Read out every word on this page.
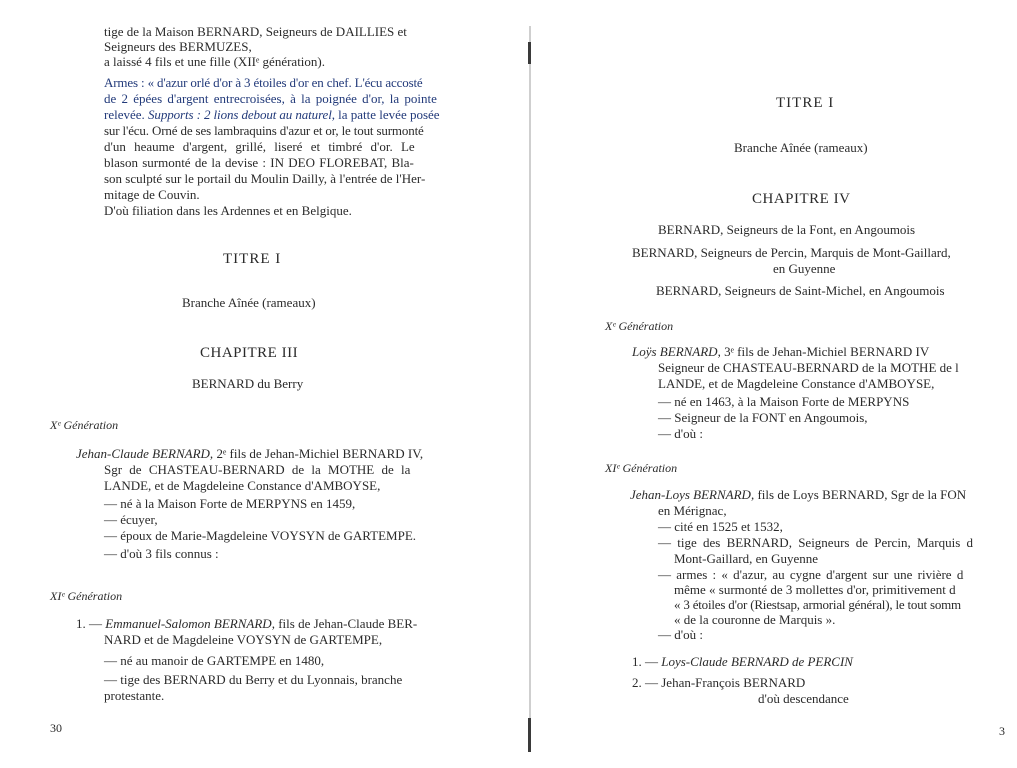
tige de la Maison BERNARD, Seigneurs de DAILLIES et
Seigneurs des BERMUZES,
a laissé 4 fils et une fille (XIIᵉ génération).
Armes : « d'azur orlé d'or à 3 étoiles d'or en chef. L'écu accosté
de 2 épées d'argent entrecroisées, à la poignée d'or, la pointe
relevée. Supports : 2 lions debout au naturel, la patte levée posée
sur l'écu. Orné de ses lambraquins d'azur et or, le tout surmonté
d'un heaume d'argent, grillé, liseré et timbré d'or. Le
blason surmonté de la devise : IN DEO FLOREBAT, Bla-
son sculpté sur le portail du Moulin Dailly, à l'entrée de l'Her-
mitage de Couvin.
D'où filiation dans les Ardennes et en Belgique.
TITRE I
Branche Aînée (rameaux)
CHAPITRE III
BERNARD du Berry
Xᵉ Génération
Jehan-Claude BERNARD, 2ᵉ fils de Jehan-Michiel BERNARD IV,
Sgr de CHASTEAU-BERNARD de la MOTHE de la
LANDE, et de Magdeleine Constance d'AMBOYSE,
— né à la Maison Forte de MERPYNS en 1459,
— écuyer,
— époux de Marie-Magdeleine VOYSYN de GARTEMPE.
— d'où 3 fils connus :
XIᵉ Génération
1. — Emmanuel-Salomon BERNARD, fils de Jehan-Claude BER-
NARD et de Magdeleine VOYSYN de GARTEMPE,
— né au manoir de GARTEMPE en 1480,
— tige des BERNARD du Berry et du Lyonnais, branche
protestante.
30
TITRE I
Branche Aînée (rameaux)
CHAPITRE IV
BERNARD, Seigneurs de la Font, en Angoumois
BERNARD, Seigneurs de Percin, Marquis de Mont-Gaillard,
en Guyenne
BERNARD, Seigneurs de Saint-Michel, en Angoumois
Xᵉ Génération
Loÿs BERNARD, 3ᵉ fils de Jehan-Michiel BERNARD IV
Seigneur de CHASTEAU-BERNARD de la MOTHE de l
LANDE, et de Magdeleine Constance d'AMBOYSE,
— né en 1463, à la Maison Forte de MERPYNS
— Seigneur de la FONT en Angoumois,
— d'où :
XIᵉ Génération
Jehan-Loys BERNARD, fils de Loys BERNARD, Sgr de la FON
en Mérignac,
— cité en 1525 et 1532,
— tige des BERNARD, Seigneurs de Percin, Marquis d
Mont-Gaillard, en Guyenne
— armes : « d'azur, au cygne d'argent sur une rivière d
même « surmonté de 3 mollettes d'or, primitivement d
« 3 étoiles d'or (Riestsap, armorial général), le tout somm
« de la couronne de Marquis ».
— d'où :
1. — Loys-Claude BERNARD de PERCIN
2. — Jehan-François BERNARD
d'où descendance
3
